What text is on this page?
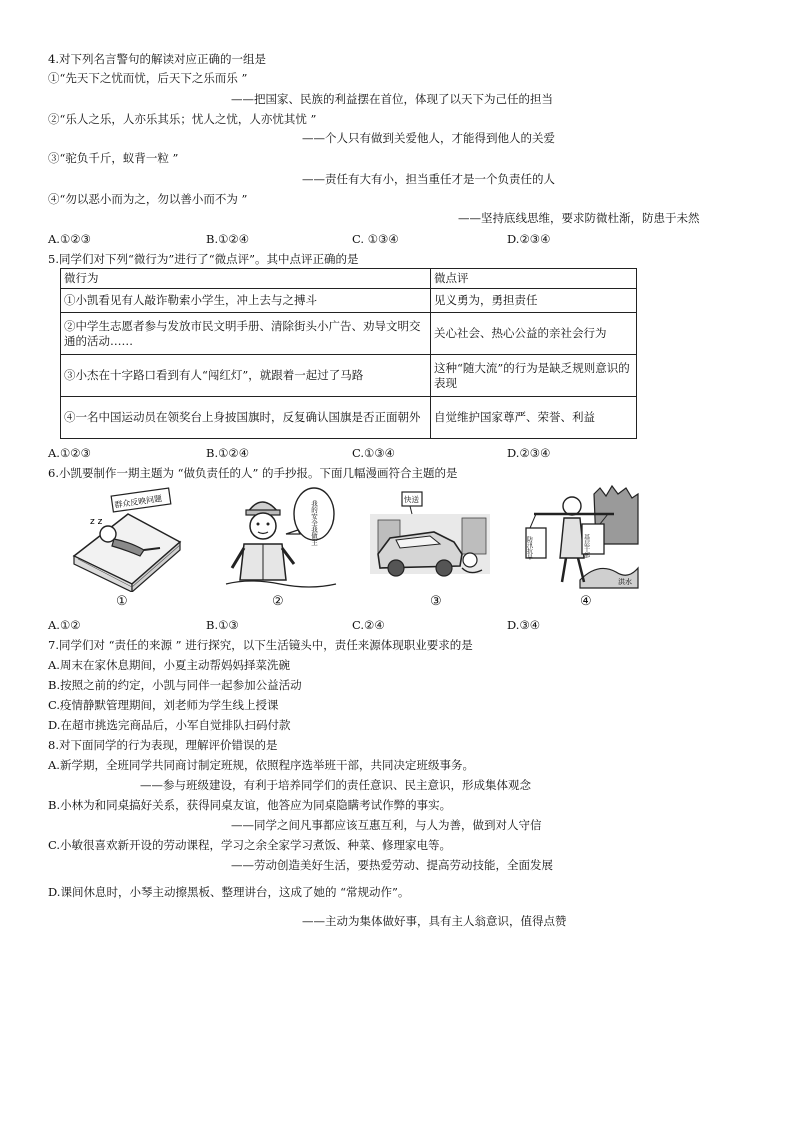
4.对下列名言警句的解读对应正确的一组是
①“先天下之忧而忧，后天下之乐而乐 ”
——把国家、民族的利益摆在首位，体现了以天下为己任的担当
②“乐人之乐，人亦乐其乐；忧人之忧，人亦忧其忧 ”
——个人只有做到关爱他人，才能得到他人的关爱
③“驼负千斤，蚁背一粒 ”
——责任有大有小，担当重任才是一个负责任的人
④“勿以恶小而为之，勿以善小而不为 ”
——坚持底线思维，要求防微杜渐，防患于未然
A.①②③	B.①②④	C. ①③④	D.②③④
5.同学们对下列“微行为”进行了“微点评”。其中点评正确的是
微行为	微点评
①小凯看见有人敲诈勒索小学生，冲上去与之搏斗	见义勇为，勇担责任
②中学生志愿者参与发放市民文明手册、清除街头小广告、劝导文明交通的活动……	关心社会、热心公益的亲社会行为
③小杰在十字路口看到有人“闯红灯”，就跟着一起过了马路	这种“随大流”的行为是缺乏规则意识的表现
④一名中国运动员在领奖台上身披国旗时，反复确认国旗是否正面朝外	自觉维护国家尊严、荣誉、利益
A.①②③	B.①②④	C.①③④	D.②③④
6.小凯要制作一期主题为 “做负责任的人” 的手抄报。下面几幅漫画符合主题的是
群众反映问题
z z	我的安全我做主
快送
洪水
防汛抗旱	基层干部
①	②	③	④
A.①②	B.①③	C.②④	D.③④
7.同学们对 “责任的来源 ” 进行探究，以下生活镜头中，责任来源体现职业要求的是
A.周末在家休息期间，小夏主动帮妈妈择菜洗碗
B.按照之前的约定，小凯与同伴一起参加公益活动
C.疫情静默管理期间，刘老师为学生线上授课
D.在超市挑选完商品后，小军自觉排队扫码付款
8.对下面同学的行为表现，理解评价错误的是
A.新学期，全班同学共同商讨制定班规，依照程序选举班干部，共同决定班级事务。
——参与班级建设，有利于培养同学们的责任意识、民主意识，形成集体观念
B.小林为和同桌搞好关系，获得同桌友谊，他答应为同桌隐瞒考试作弊的事实。
——同学之间凡事都应该互惠互利，与人为善，做到对人守信
C.小敏很喜欢新开设的劳动课程，学习之余全家学习煮饭、种菜、修理家电等。
——劳动创造美好生活，要热爱劳动、提高劳动技能，全面发展
D.课间休息时，小琴主动擦黑板、整理讲台，这成了她的 “常规动作”。
——主动为集体做好事，具有主人翁意识，值得点赞
